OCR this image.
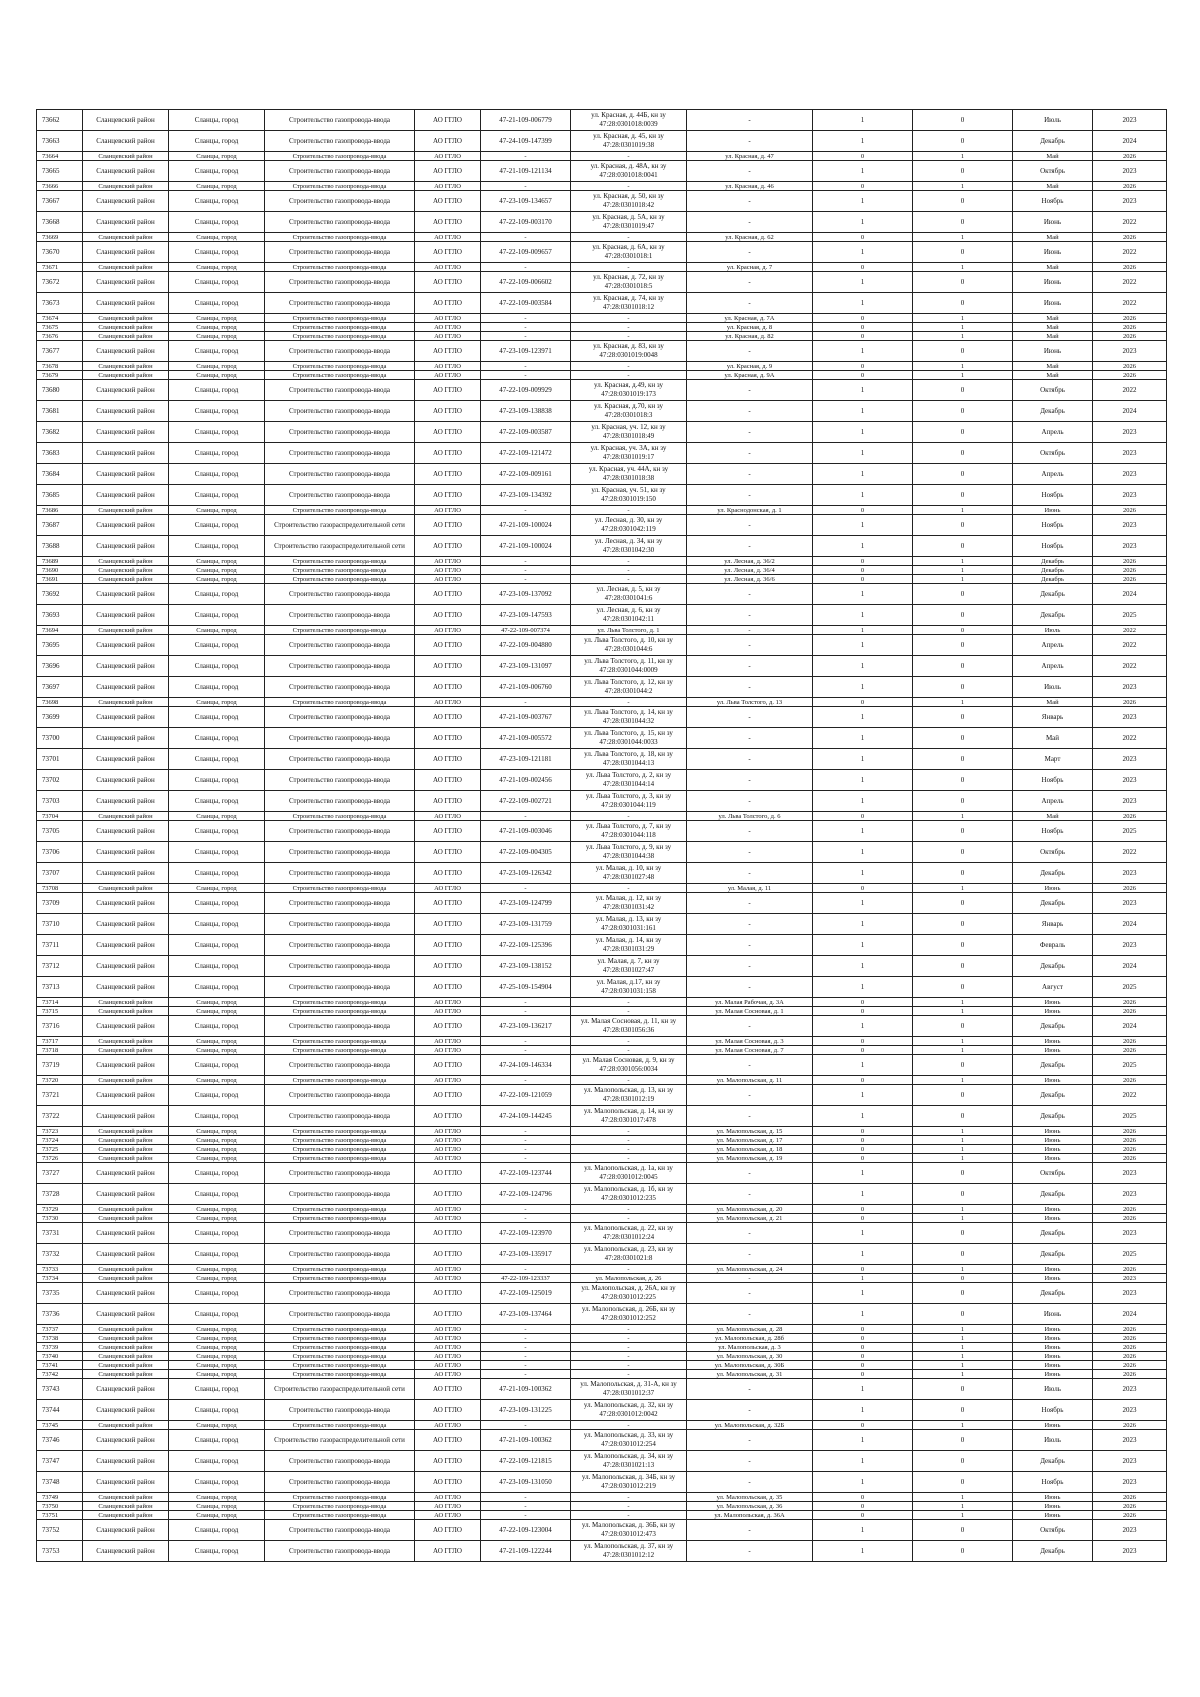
73662	Сланцевский район	Сланцы, город	Строительство газопровода-ввода	АО ГГЛО	47-21-109-006779	ул. Красная, д. 44Б, кн зу 47:28:0301018:0039	-	1	0	Июль	2023
73663	Сланцевский район	Сланцы, город	Строительство газопровода-ввода	АО ГГЛО	47-24-109-147399	ул. Красная, д. 45, кн зу 47:28:0301019:38	-	1	0	Декабрь	2024
73664	Сланцевский район	Сланцы, город	Строительство газопровода-ввода	АО ГГЛО	-	-	ул. Красная, д. 47	0	1	Май	2026
73665	Сланцевский район	Сланцы, город	Строительство газопровода-ввода	АО ГГЛО	47-21-109-121134	ул. Красная, д. 48А, кн зу 47:28:0301018:0041	-	1	0	Октябрь	2023
73666	Сланцевский район	Сланцы, город	Строительство газопровода-ввода	АО ГГЛО	-	-	ул. Красная, д. 46	0	1	Май	2026
73667	Сланцевский район	Сланцы, город	Строительство газопровода-ввода	АО ГГЛО	47-23-109-134657	ул. Красная, д. 50, кн зу 47:28:0301018:42	-	1	0	Ноябрь	2023
73668	Сланцевский район	Сланцы, город	Строительство газопровода-ввода	АО ГГЛО	47-22-109-003170	ул. Красная, д. 5А, кн зу 47:28:0301019:47	-	1	0	Июнь	2022
73669	Сланцевский район	Сланцы, город	Строительство газопровода-ввода	АО ГГЛО	-	-	ул. Красная, д. 62	0	1	Май	2026
73670	Сланцевский район	Сланцы, город	Строительство газопровода-ввода	АО ГГЛО	47-22-109-009657	ул. Красная, д. 6А, кн зу 47:28:0301018:1	-	1	0	Июнь	2022
73671	Сланцевский район	Сланцы, город	Строительство газопровода-ввода	АО ГГЛО	-	-	ул. Красная, д. 7	0	1	Май	2026
73672	Сланцевский район	Сланцы, город	Строительство газопровода-ввода	АО ГГЛО	47-22-109-006602	ул. Красная, д. 72, кн зу 47:28:0301018:5	-	1	0	Июнь	2022
73673	Сланцевский район	Сланцы, город	Строительство газопровода-ввода	АО ГГЛО	47-22-109-003584	ул. Красная, д. 74, кн зу 47:28:0301018:12	-	1	0	Июнь	2022
73674	Сланцевский район	Сланцы, город	Строительство газопровода-ввода	АО ГГЛО	-	-	ул. Красная, д. 7А	0	1	Май	2026
73675	Сланцевский район	Сланцы, город	Строительство газопровода-ввода	АО ГГЛО	-	-	ул. Красная, д. 8	0	1	Май	2026
73676	Сланцевский район	Сланцы, город	Строительство газопровода-ввода	АО ГГЛО	-	-	ул. Красная, д. 82	0	1	Май	2026
73677	Сланцевский район	Сланцы, город	Строительство газопровода-ввода	АО ГГЛО	47-23-109-123971	ул. Красная, д. 83, кн зу 47:28:0301019:0048	-	1	0	Июнь	2023
73678	Сланцевский район	Сланцы, город	Строительство газопровода-ввода	АО ГГЛО	-	-	ул. Красная, д. 9	0	1	Май	2026
73679	Сланцевский район	Сланцы, город	Строительство газопровода-ввода	АО ГГЛО	-	-	ул. Красная, д. 9А	0	1	Май	2026
73680	Сланцевский район	Сланцы, город	Строительство газопровода-ввода	АО ГГЛО	47-22-109-009929	ул. Красная, д.49, кн зу 47:28:0301019:173	-	1	0	Октябрь	2022
73681	Сланцевский район	Сланцы, город	Строительство газопровода-ввода	АО ГГЛО	47-23-109-138838	ул. Красная, д.70, кн зу 47:28:0301018:3	-	1	0	Декабрь	2024
73682	Сланцевский район	Сланцы, город	Строительство газопровода-ввода	АО ГГЛО	47-22-109-003587	ул. Красная, уч. 12, кн зу 47:28:0301018:49	-	1	0	Апрель	2023
73683	Сланцевский район	Сланцы, город	Строительство газопровода-ввода	АО ГГЛО	47-22-109-121472	ул. Красная, уч. 3А, кн зу 47:28:0301019:17	-	1	0	Октябрь	2023
73684	Сланцевский район	Сланцы, город	Строительство газопровода-ввода	АО ГГЛО	47-22-109-009161	ул. Красная, уч. 44А, кн зу 47:28:0301018:38	-	1	0	Апрель	2023
73685	Сланцевский район	Сланцы, город	Строительство газопровода-ввода	АО ГГЛО	47-23-109-134392	ул. Красная, уч. 51, кн зу 47:28:0301019:150	-	1	0	Ноябрь	2023
73686	Сланцевский район	Сланцы, город	Строительство газопровода-ввода	АО ГГЛО	-	-	ул. Краснодонская, д. 1	0	1	Июнь	2026
73687	Сланцевский район	Сланцы, город	Строительство газораспределительной сети	АО ГГЛО	47-21-109-100024	ул. Лесная, д. 30, кн зу 47:28:0301042:119	-	1	0	Ноябрь	2023
73688	Сланцевский район	Сланцы, город	Строительство газораспределительной сети	АО ГГЛО	47-21-109-100024	ул. Лесная, д. 34, кн зу 47:28:0301042:30	-	1	0	Ноябрь	2023
73689	Сланцевский район	Сланцы, город	Строительство газопровода-ввода	АО ГГЛО	-	-	ул. Лесная, д. 36/2	0	1	Декабрь	2026
73690	Сланцевский район	Сланцы, город	Строительство газопровода-ввода	АО ГГЛО	-	-	ул. Лесная, д. 36/4	0	1	Декабрь	2026
73691	Сланцевский район	Сланцы, город	Строительство газопровода-ввода	АО ГГЛО	-	-	ул. Лесная, д. 36/6	0	1	Декабрь	2026
73692	Сланцевский район	Сланцы, город	Строительство газопровода-ввода	АО ГГЛО	47-23-109-137092	ул. Лесная, д. 5, кн зу 47:28:0301041:6	-	1	0	Декабрь	2024
73693	Сланцевский район	Сланцы, город	Строительство газопровода-ввода	АО ГГЛО	47-23-109-147593	ул. Лесная, д. 6, кн зу 47:28:0301042:11	-	1	0	Декабрь	2025
73694	Сланцевский район	Сланцы, город	Строительство газопровода-ввода	АО ГГЛО	47-22-109-007374	ул. Льва Толстого, д. 1	-	1	0	Июль	2022
73695	Сланцевский район	Сланцы, город	Строительство газопровода-ввода	АО ГГЛО	47-22-109-004880	ул. Льва Толстого, д. 10, кн зу 47:28:0301044:6	-	1	0	Апрель	2022
73696	Сланцевский район	Сланцы, город	Строительство газопровода-ввода	АО ГГЛО	47-23-109-131097	ул. Льва Толстого, д. 11, кн зу 47:28:0301044:0009	-	1	0	Апрель	2022
73697	Сланцевский район	Сланцы, город	Строительство газопровода-ввода	АО ГГЛО	47-21-109-006760	ул. Льва Толстого, д. 12, кн зу 47:28:0301044:2	-	1	0	Июль	2023
73698	Сланцевский район	Сланцы, город	Строительство газопровода-ввода	АО ГГЛО	-	-	ул. Льва Толстого, д. 13	0	1	Май	2026
73699	Сланцевский район	Сланцы, город	Строительство газопровода-ввода	АО ГГЛО	47-21-109-003767	ул. Льва Толстого, д. 14, кн зу 47:28:0301044:32	-	1	0	Январь	2023
73700	Сланцевский район	Сланцы, город	Строительство газопровода-ввода	АО ГГЛО	47-21-109-005572	ул. Льва Толстого, д. 15, кн зу 47:28:0301044:0033	-	1	0	Май	2022
73701	Сланцевский район	Сланцы, город	Строительство газопровода-ввода	АО ГГЛО	47-23-109-121181	ул. Льва Толстого, д. 18, кн зу 47:28:0301044:13	-	1	0	Март	2023
73702	Сланцевский район	Сланцы, город	Строительство газопровода-ввода	АО ГГЛО	47-21-109-002456	ул. Льва Толстого, д. 2, кн зу 47:28:0301044:14	-	1	0	Ноябрь	2023
73703	Сланцевский район	Сланцы, город	Строительство газопровода-ввода	АО ГГЛО	47-22-109-002721	ул. Льва Толстого, д. 3, кн зу 47:28:0301044:119	-	1	0	Апрель	2023
73704	Сланцевский район	Сланцы, город	Строительство газопровода-ввода	АО ГГЛО	-	-	ул. Льва Толстого, д. 6	0	1	Май	2026
73705	Сланцевский район	Сланцы, город	Строительство газопровода-ввода	АО ГГЛО	47-21-109-003046	ул. Льва Толстого, д. 7, кн зу 47:28:0301044:118	-	1	0	Ноябрь	2025
73706	Сланцевский район	Сланцы, город	Строительство газопровода-ввода	АО ГГЛО	47-22-109-004305	ул. Льва Толстого, д. 9, кн зу 47:28:0301044:38	-	1	0	Октябрь	2022
73707	Сланцевский район	Сланцы, город	Строительство газопровода-ввода	АО ГГЛО	47-23-109-126342	ул. Малая, д. 10, кн зу 47:28:0301027:48	-	1	0	Декабрь	2023
73708	Сланцевский район	Сланцы, город	Строительство газопровода-ввода	АО ГГЛО	-	-	ул. Малая, д. 11	0	1	Июнь	2026
73709	Сланцевский район	Сланцы, город	Строительство газопровода-ввода	АО ГГЛО	47-23-109-124799	ул. Малая, д. 12, кн зу 47:28:0301031:42	-	1	0	Декабрь	2023
73710	Сланцевский район	Сланцы, город	Строительство газопровода-ввода	АО ГГЛО	47-23-109-131759	ул. Малая, д. 13, кн зу 47:28:0301031:161	-	1	0	Январь	2024
73711	Сланцевский район	Сланцы, город	Строительство газопровода-ввода	АО ГГЛО	47-22-109-125396	ул. Малая, д. 14, кн зу 47:28:0301031:29	-	1	0	Февраль	2023
73712	Сланцевский район	Сланцы, город	Строительство газопровода-ввода	АО ГГЛО	47-23-109-138152	ул. Малая, д. 7, кн зу 47:28:0301027:47	-	1	0	Декабрь	2024
73713	Сланцевский район	Сланцы, город	Строительство газопровода-ввода	АО ГГЛО	47-25-109-154904	ул. Малая, д.17, кн зу 47:28:0301031:158	-	1	0	Август	2025
73714	Сланцевский район	Сланцы, город	Строительство газопровода-ввода	АО ГГЛО	-	-	ул. Малая Рабочая, д. 3А	0	1	Июнь	2026
73715	Сланцевский район	Сланцы, город	Строительство газопровода-ввода	АО ГГЛО	-	-	ул. Малая Сосновая, д. 1	0	1	Июнь	2026
73716	Сланцевский район	Сланцы, город	Строительство газопровода-ввода	АО ГГЛО	47-23-109-136217	ул. Малая Сосновая, д. 11, кн зу 47:28:0301056:36	-	1	0	Декабрь	2024
73717	Сланцевский район	Сланцы, город	Строительство газопровода-ввода	АО ГГЛО	-	-	ул. Малая Сосновая, д. 3	0	1	Июнь	2026
73718	Сланцевский район	Сланцы, город	Строительство газопровода-ввода	АО ГГЛО	-	-	ул. Малая Сосновая, д. 7	0	1	Июнь	2026
73719	Сланцевский район	Сланцы, город	Строительство газопровода-ввода	АО ГГЛО	47-24-109-146334	ул. Малая Сосновая, д. 9, кн зу 47:28:0301056:0034	-	1	0	Декабрь	2025
73720	Сланцевский район	Сланцы, город	Строительство газопровода-ввода	АО ГГЛО	-	-	ул. Малопольская, д. 11	0	1	Июнь	2026
73721	Сланцевский район	Сланцы, город	Строительство газопровода-ввода	АО ГГЛО	47-22-109-121059	ул. Малопольская, д. 13, кн зу 47:28:0301012:19	-	1	0	Декабрь	2022
73722	Сланцевский район	Сланцы, город	Строительство газопровода-ввода	АО ГГЛО	47-24-109-144245	ул. Малопольская, д. 14, кн зу 47:28:0301017:478	-	1	0	Декабрь	2025
73723	Сланцевский район	Сланцы, город	Строительство газопровода-ввода	АО ГГЛО	-	-	ул. Малопольская, д. 15	0	1	Июнь	2026
73724	Сланцевский район	Сланцы, город	Строительство газопровода-ввода	АО ГГЛО	-	-	ул. Малопольская, д. 17	0	1	Июнь	2026
73725	Сланцевский район	Сланцы, город	Строительство газопровода-ввода	АО ГГЛО	-	-	ул. Малопольская, д. 18	0	1	Июнь	2026
73726	Сланцевский район	Сланцы, город	Строительство газопровода-ввода	АО ГГЛО	-	-	ул. Малопольская, д. 19	0	1	Июнь	2026
73727	Сланцевский район	Сланцы, город	Строительство газопровода-ввода	АО ГГЛО	47-22-109-123744	ул. Малопольская, д. 1а, кн зу 47:28:0301012:0045	-	1	0	Октябрь	2023
73728	Сланцевский район	Сланцы, город	Строительство газопровода-ввода	АО ГГЛО	47-22-109-124796	ул. Малопольская, д. 1б, кн зу 47:28:0301012:235	-	1	0	Декабрь	2023
73729	Сланцевский район	Сланцы, город	Строительство газопровода-ввода	АО ГГЛО	-	-	ул. Малопольская, д. 20	0	1	Июнь	2026
73730	Сланцевский район	Сланцы, город	Строительство газопровода-ввода	АО ГГЛО	-	-	ул. Малопольская, д. 21	0	1	Июнь	2026
73731	Сланцевский район	Сланцы, город	Строительство газопровода-ввода	АО ГГЛО	47-22-109-123970	ул. Малопольская, д. 22, кн зу 47:28:0301012:24	-	1	0	Декабрь	2023
73732	Сланцевский район	Сланцы, город	Строительство газопровода-ввода	АО ГГЛО	47-23-109-135917	ул. Малопольская, д. 23, кн зу 47:28:0301021:8	-	1	0	Декабрь	2025
73733	Сланцевский район	Сланцы, город	Строительство газопровода-ввода	АО ГГЛО	-	-	ул. Малопольская, д. 24	0	1	Июнь	2026
73734	Сланцевский район	Сланцы, город	Строительство газопровода-ввода	АО ГГЛО	47-22-109-123337	ул. Малопольская, д. 26	-	1	0	Июнь	2023
73735	Сланцевский район	Сланцы, город	Строительство газопровода-ввода	АО ГГЛО	47-22-109-125019	ул. Малопольская, д. 26А, кн зу 47:28:0301012:225	-	1	0	Декабрь	2023
73736	Сланцевский район	Сланцы, город	Строительство газопровода-ввода	АО ГГЛО	47-23-109-137464	ул. Малопольская, д. 26Б, кн зу 47:28:0301012:252	-	1	0	Июнь	2024
73737	Сланцевский район	Сланцы, город	Строительство газопровода-ввода	АО ГГЛО	-	-	ул. Малопольская, д. 28	0	1	Июнь	2026
73738	Сланцевский район	Сланцы, город	Строительство газопровода-ввода	АО ГГЛО	-	-	ул. Малопольская, д. 28б	0	1	Июнь	2026
73739	Сланцевский район	Сланцы, город	Строительство газопровода-ввода	АО ГГЛО	-	-	ул. Малопольская, д. 3	0	1	Июнь	2026
73740	Сланцевский район	Сланцы, город	Строительство газопровода-ввода	АО ГГЛО	-	-	ул. Малопольская, д. 30	0	1	Июнь	2026
73741	Сланцевский район	Сланцы, город	Строительство газопровода-ввода	АО ГГЛО	-	-	ул. Малопольская, д. 30Б	0	1	Июнь	2026
73742	Сланцевский район	Сланцы, город	Строительство газопровода-ввода	АО ГГЛО	-	-	ул. Малопольская, д. 31	0	1	Июнь	2026
73743	Сланцевский район	Сланцы, город	Строительство газораспределительной сети	АО ГГЛО	47-21-109-100362	ул. Малопольская, д. 31-А, кн зу 47:28:0301012:37	-	1	0	Июль	2023
73744	Сланцевский район	Сланцы, город	Строительство газопровода-ввода	АО ГГЛО	47-23-109-131225	ул. Малопольская, д. 32, кн зу 47:28:0301012:0042	-	1	0	Ноябрь	2023
73745	Сланцевский район	Сланцы, город	Строительство газопровода-ввода	АО ГГЛО	-	-	ул. Малопольская, д. 32Б	0	1	Июнь	2026
73746	Сланцевский район	Сланцы, город	Строительство газораспределительной сети	АО ГГЛО	47-21-109-100362	ул. Малопольская, д. 33, кн зу 47:28:0301012:254	-	1	0	Июль	2023
73747	Сланцевский район	Сланцы, город	Строительство газопровода-ввода	АО ГГЛО	47-22-109-121815	ул. Малопольская, д. 34, кн зу 47:28:0301021:13	-	1	0	Декабрь	2023
73748	Сланцевский район	Сланцы, город	Строительство газопровода-ввода	АО ГГЛО	47-23-109-131050	ул. Малопольская, д. 34Б, кн зу 47:28:0301012:219	-	1	0	Ноябрь	2023
73749	Сланцевский район	Сланцы, город	Строительство газопровода-ввода	АО ГГЛО	-	-	ул. Малопольская, д. 35	0	1	Июнь	2026
73750	Сланцевский район	Сланцы, город	Строительство газопровода-ввода	АО ГГЛО	-	-	ул. Малопольская, д. 36	0	1	Июнь	2026
73751	Сланцевский район	Сланцы, город	Строительство газопровода-ввода	АО ГГЛО	-	-	ул. Малопольская, д. 36А	0	1	Июнь	2026
73752	Сланцевский район	Сланцы, город	Строительство газопровода-ввода	АО ГГЛО	47-22-109-123004	ул. Малопольская, д. 36Б, кн зу 47:28:0301012:473	-	1	0	Октябрь	2023
73753	Сланцевский район	Сланцы, город	Строительство газопровода-ввода	АО ГГЛО	47-21-109-122244	ул. Малопольская, д. 37, кн зу 47:28:0301012:12	-	1	0	Декабрь	2023
